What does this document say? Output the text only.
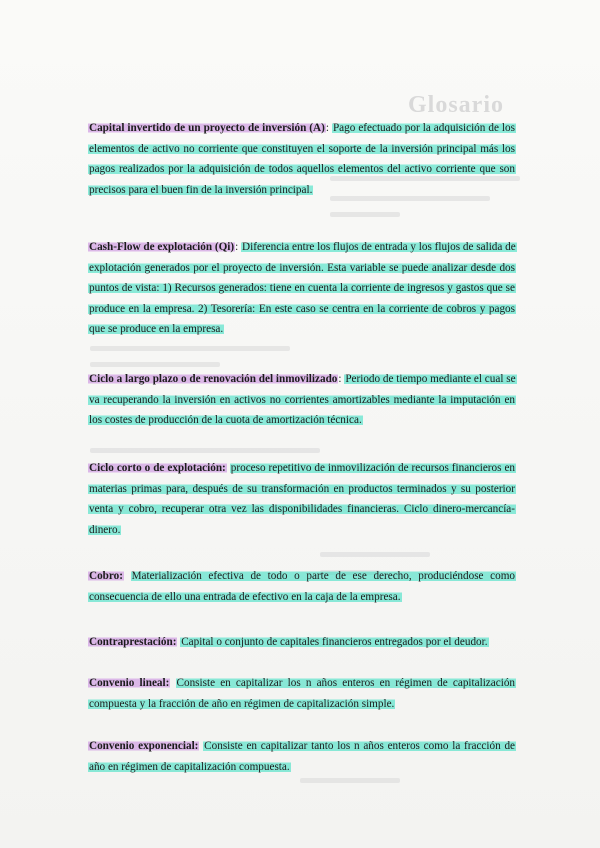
Glosario
Capital invertido de un proyecto de inversión (A): Pago efectuado por la adquisición de los elementos de activo no corriente que constituyen el soporte de la inversión principal más los pagos realizados por la adquisición de todos aquellos elementos del activo corriente que son precisos para el buen fin de la inversión principal.
Cash-Flow de explotación (Qi): Diferencia entre los flujos de entrada y los flujos de salida de explotación generados por el proyecto de inversión. Esta variable se puede analizar desde dos puntos de vista: 1) Recursos generados: tiene en cuenta la corriente de ingresos y gastos que se produce en la empresa. 2) Tesorería: En este caso se centra en la corriente de cobros y pagos que se produce en la empresa.
Ciclo a largo plazo o de renovación del inmovilizado: Periodo de tiempo mediante el cual se va recuperando la inversión en activos no corrientes amortizables mediante la imputación en los costes de producción de la cuota de amortización técnica.
Ciclo corto o de explotación: proceso repetitivo de inmovilización de recursos financieros en materias primas para, después de su transformación en productos terminados y su posterior venta y cobro, recuperar otra vez las disponibilidades financieras. Ciclo dinero-mercancía- dinero.
Cobro: Materialización efectiva de todo o parte de ese derecho, produciéndose como consecuencia de ello una entrada de efectivo en la caja de la empresa.
Contraprestación: Capital o conjunto de capitales financieros entregados por el deudor.
Convenio lineal: Consiste en capitalizar los n años enteros en régimen de capitalización compuesta y la fracción de año en régimen de capitalización simple.
Convenio exponencial: Consiste en capitalizar tanto los n años enteros como la fracción de año en régimen de capitalización compuesta.
